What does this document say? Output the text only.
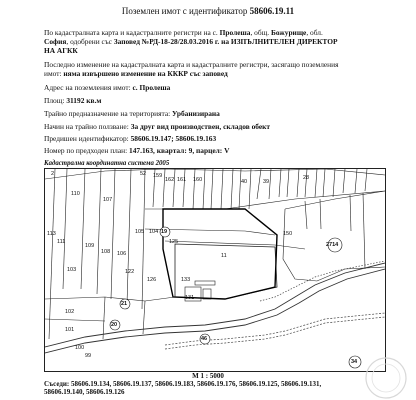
Поземлен имот с идентификатор 58606.19.11
По кадастралната карта и кадастралните регистри на с. Пролеша, общ. Божурище, обл.
София, одобрени със Заповед №РД-18-28/28.03.2016 г. на ИЗПЪЛНИТЕЛЕН ДИРЕКТОР
НА АГКК
Последно изменение на кадастралната карта и кадастралните регистри, засягащо поземления
имот: няма извършено изменение на КККР със заповед
Адрес на поземления имот: с. Пролеша
Площ: 31192 кв.м
Трайно предназначение на територията: Урбанизирана
Начин на трайно ползване: За друг вид производствен, складов обект
Предишен идентификатор: 58606.19.147; 58606.19.163
Номер по предходен план: 147.163, квартал: 9, парцел: V
Кадастрална координатна система 2005
2	52 159
162 161 160	40	39
28
113
110
107
111
109
105
108 106
104
125
19
11
150
2714
103	122
126	133
131
21
20
46
34
102
101
100
99
М 1 : 5000
Съседи: 58606.19.134, 58606.19.137, 58606.19.183, 58606.19.176, 58606.19.125, 58606.19.131,
58606.19.140, 58606.19.126
